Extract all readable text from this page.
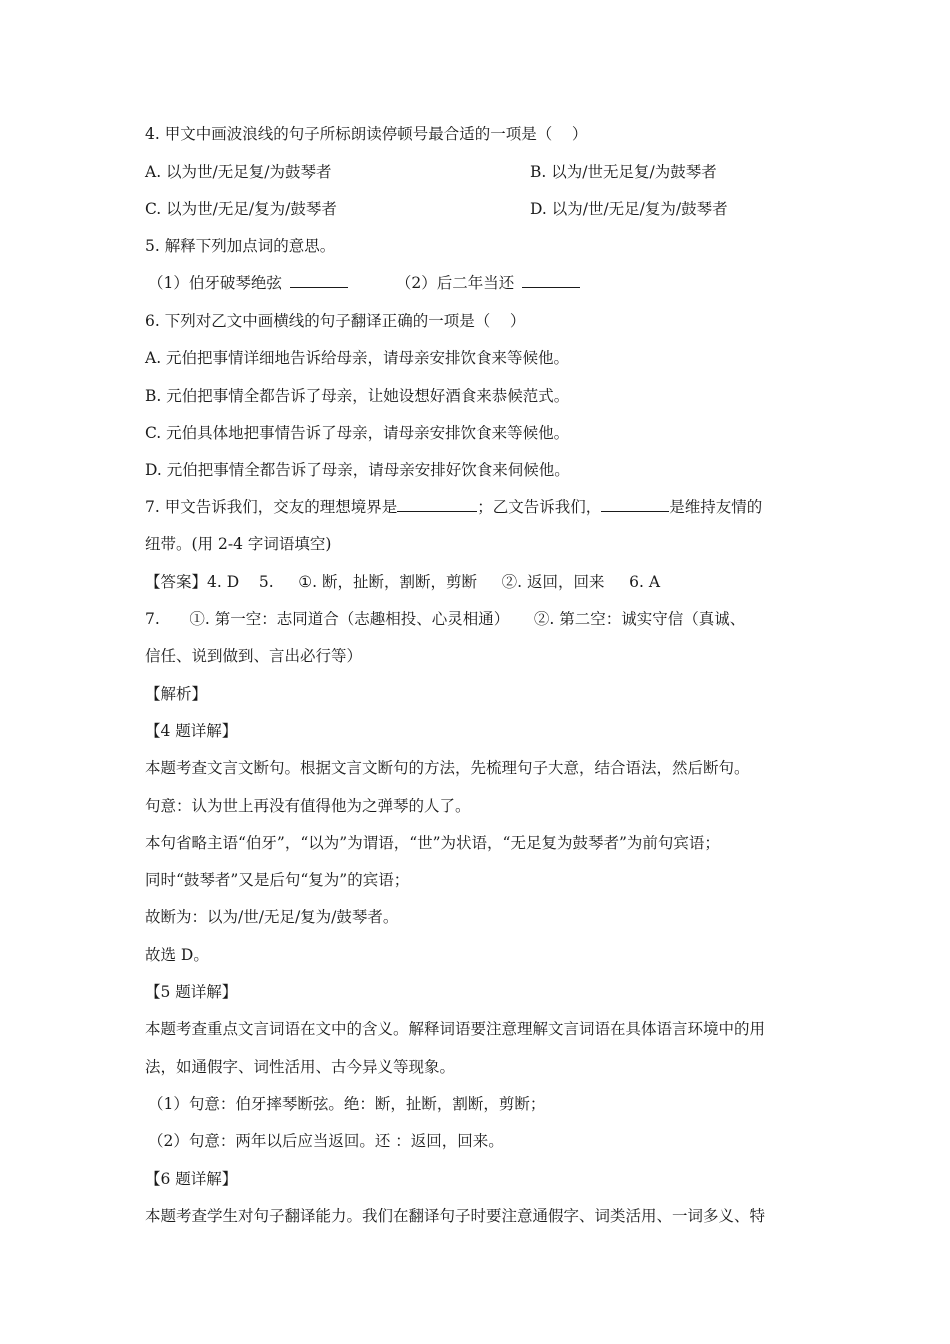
4. 甲文中画波浪线的句子所标朗读停顿号最合适的一项是（    ）
A. 以为世/无足复/为鼓琴者	B. 以为/世无足复/为鼓琴者
C. 以为世/无足/复为/鼓琴者	D. 以为/世/无足/复为/鼓琴者
5. 解释下列加点词的意思。
（1）伯牙破琴绝弦	（2）后二年当还
6. 下列对乙文中画横线的句子翻译正确的一项是（    ）
A. 元伯把事情详细地告诉给母亲，请母亲安排饮食来等候他。
B. 元伯把事情全都告诉了母亲，让她设想好酒食来恭候范式。
C. 元伯具体地把事情告诉了母亲，请母亲安排饮食来等候他。
D. 元伯把事情全都告诉了母亲，请母亲安排好饮食来伺候他。
7. 甲文告诉我们，交友的理想境界是	；乙文告诉我们，	是维持友情的
纽带。(用 2-4 字词语填空)
【答案】4. D    5.     ①. 断，扯断，割断，剪断     ②. 返回，回来     6. A
7.      ①. 第一空：志同道合（志趣相投、心灵相通）     ②. 第二空：诚实守信（真诚、
信任、说到做到、言出必行等）
【解析】
【4 题详解】
本题考查文言文断句。根据文言文断句的方法，先梳理句子大意，结合语法，然后断句。
句意：认为世上再没有值得他为之弹琴的人了。
本句省略主语“伯牙”，“以为”为谓语，“世”为状语，“无足复为鼓琴者”为前句宾语；
同时“鼓琴者”又是后句“复为”的宾语；
故断为：以为/世/无足/复为/鼓琴者。
故选 D。
【5 题详解】
本题考查重点文言词语在文中的含义。解释词语要注意理解文言词语在具体语言环境中的用
法，如通假字、词性活用、古今异义等现象。
（1）句意：伯牙摔琴断弦。绝：断，扯断，割断，剪断；
（2）句意：两年以后应当返回。还 ：返回，回来。
【6 题详解】
本题考查学生对句子翻译能力。我们在翻译句子时要注意通假字、词类活用、一词多义、特
